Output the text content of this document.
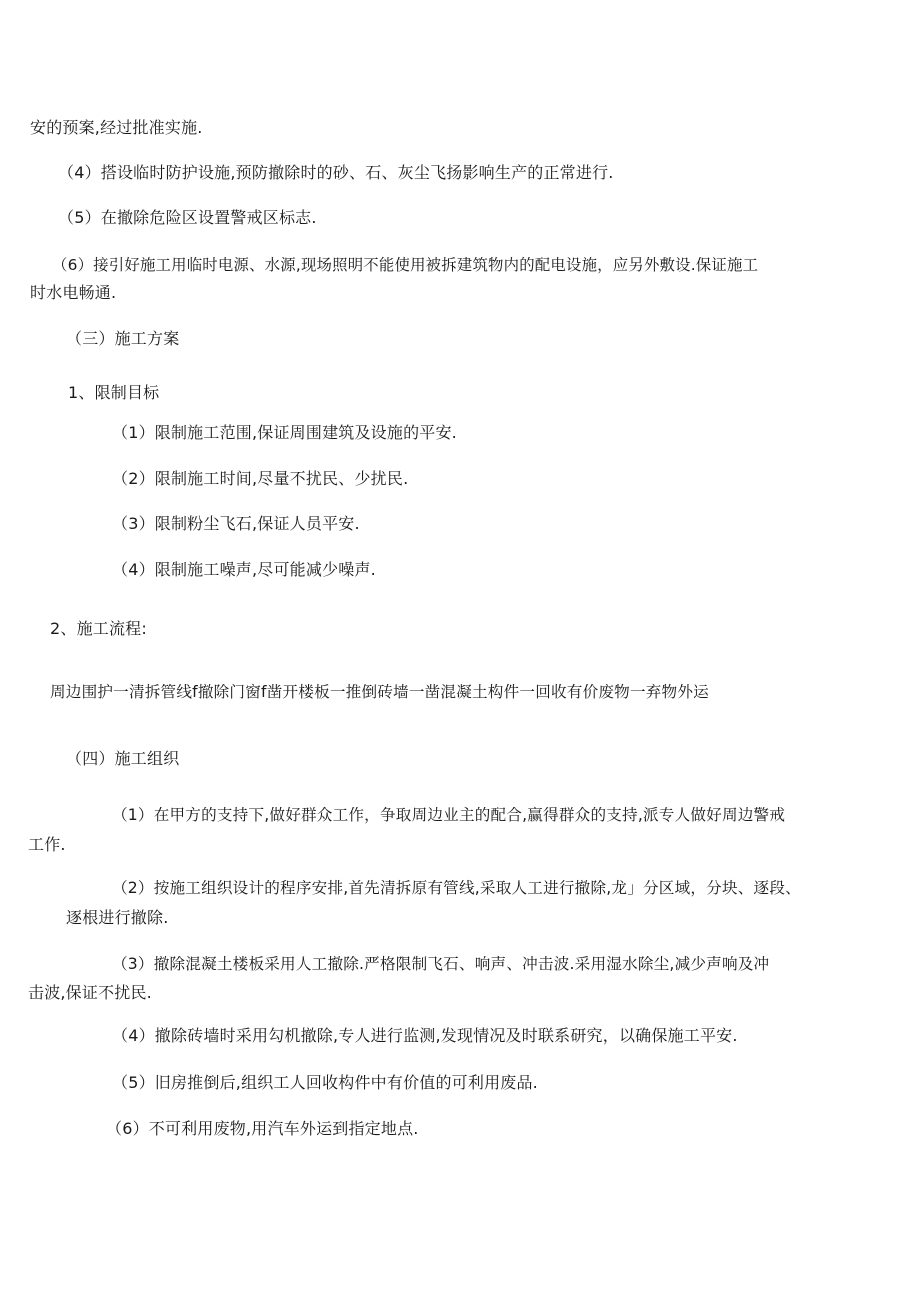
安的预案,经过批准实施.
（4）搭设临时防护设施,预防撤除时的砂、石、灰尘飞扬影响生产的正常进行.
（5）在撤除危险区设置警戒区标志.
（6）接引好施工用临时电源、水源,现场照明不能使用被拆建筑物内的配电设施，应另外敷设.保证施工
时水电畅通.
（三）施工方案
1、限制目标
（1）限制施工范围,保证周围建筑及设施的平安.
（2）限制施工时间,尽量不扰民、少扰民.
（3）限制粉尘飞石,保证人员平安.
（4）限制施工噪声,尽可能减少噪声.
2、施工流程:
周边围护一清拆管线f撤除门窗f凿开楼板一推倒砖墙一凿混凝土构件一回收有价废物一弃物外运
（四）施工组织
（1）在甲方的支持下,做好群众工作，争取周边业主的配合,赢得群众的支持,派专人做好周边警戒
工作.
（2）按施工组织设计的程序安排,首先清拆原有管线,采取人工进行撤除,龙」分区域，分块、逐段、
逐根进行撤除.
（3）撤除混凝土楼板采用人工撤除.严格限制飞石、响声、冲击波.采用湿水除尘,减少声响及冲
击波,保证不扰民.
（4）撤除砖墙时采用勾机撤除,专人进行监测,发现情况及时联系研究，以确保施工平安.
（5）旧房推倒后,组织工人回收构件中有价值的可利用废品.
（6）不可利用废物,用汽车外运到指定地点.
